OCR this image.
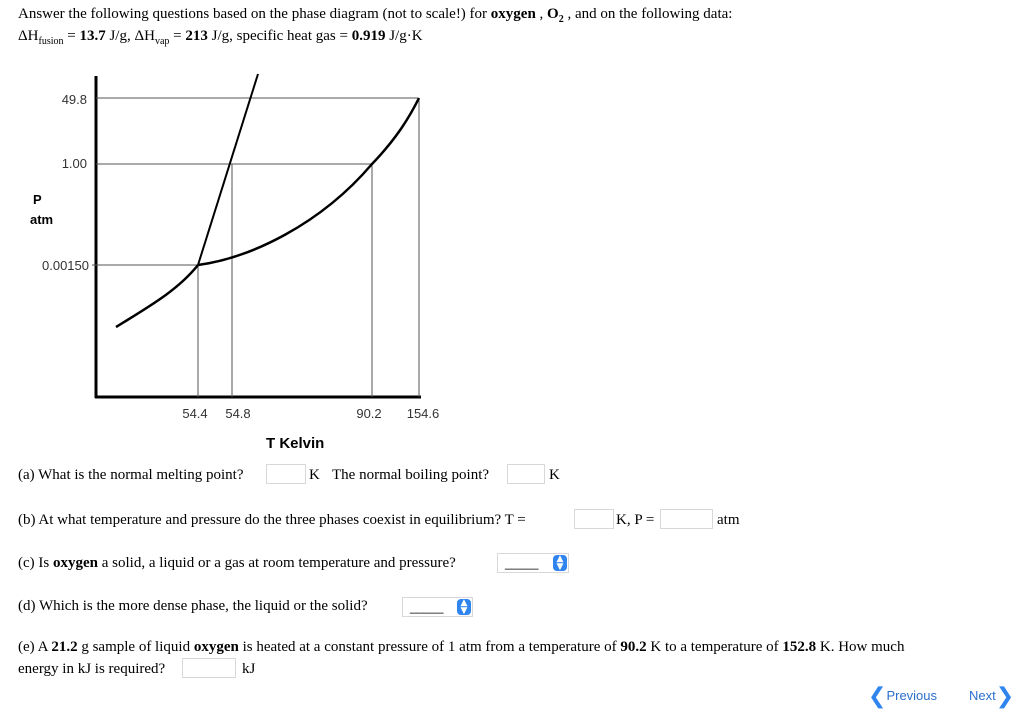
Answer the following questions based on the phase diagram (not to scale!) for oxygen , $O_2$ , and on the following data:
$\Delta H_{fusion} = 13.7$ J/g, $\Delta H_{vap} = 213$ J/g, specific heat gas = 0.919 J/g·K
49.8
1.00
0.00150
P
atm
54.4 54.8	90.2 154.6
T Kelvin
(a) What is the normal melting point?	K The normal boiling point?	K
(b) At what temperature and pressure do the three phases coexist in equilibrium? T =	K, P =	atm
(c) Is oxygen a solid, a liquid or a gas at room temperature and pressure?	_____	▲
▼
(d) Which is the more dense phase, the liquid or the solid?	_____	▲
▼
(e) A 21.2 g sample of liquid oxygen is heated at a constant pressure of 1 atm from a temperature of 90.2 K to a temperature of 152.8 K. How much
energy in kJ is required?	kJ
❮Previous Next❯
